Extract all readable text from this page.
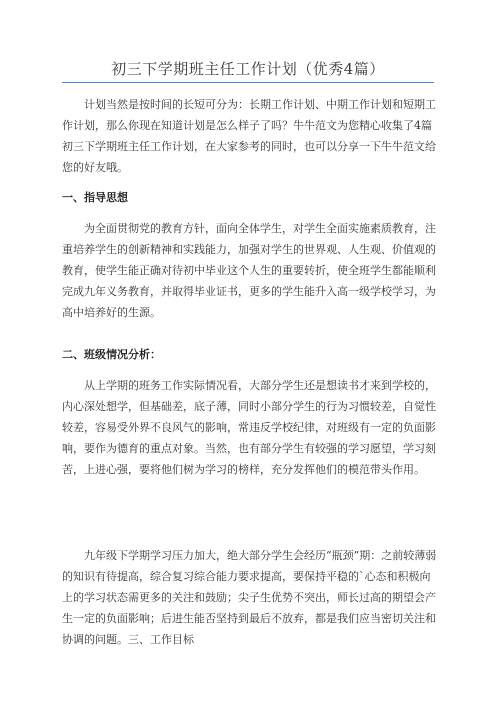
初三下学期班主任工作计划（优秀4篇）

计划当然是按时间的长短可分为：长期工作计划、中期工作计划和短期工作计划，那么你现在知道计划是怎么样子了吗？牛牛范文为您精心收集了4篇初三下学期班主任工作计划，在大家参考的同时，也可以分享一下牛牛范文给您的好友哦。

一、指导思想

为全面贯彻党的教育方针，面向全体学生，对学生全面实施素质教育，注重培养学生的创新精神和实践能力，加强对学生的世界观、人生观、价值观的教育，使学生能正确对待初中毕业这个人生的重要转折，使全班学生都能顺利完成九年义务教育，并取得毕业证书，更多的学生能升入高一级学校学习，为高中培养好的生源。

二、班级情况分析：

从上学期的班务工作实际情况看，大部分学生还是想读书才来到学校的，内心深处想学，但基础差，底子薄，同时小部分学生的行为习惯较差，自觉性较差，容易受外界不良风气的影响，常违反学校纪律，对班级有一定的负面影响，要作为德育的重点对象。当然，也有部分学生有较强的学习愿望，学习刻苦，上进心强，要将他们树为学习的榜样，充分发挥他们的模范带头作用。

九年级下学期学习压力加大，绝大部分学生会经历“瓶颈”期：之前较薄弱的知识有待提高，综合复习综合能力要求提高，要保持平稳的`心态和积极向上的学习状态需更多的关注和鼓励；尖子生优势不突出，师长过高的期望会产生一定的负面影响；后进生能否坚持到最后不放弃，都是我们应当密切关注和协调的问题。三、工作目标
